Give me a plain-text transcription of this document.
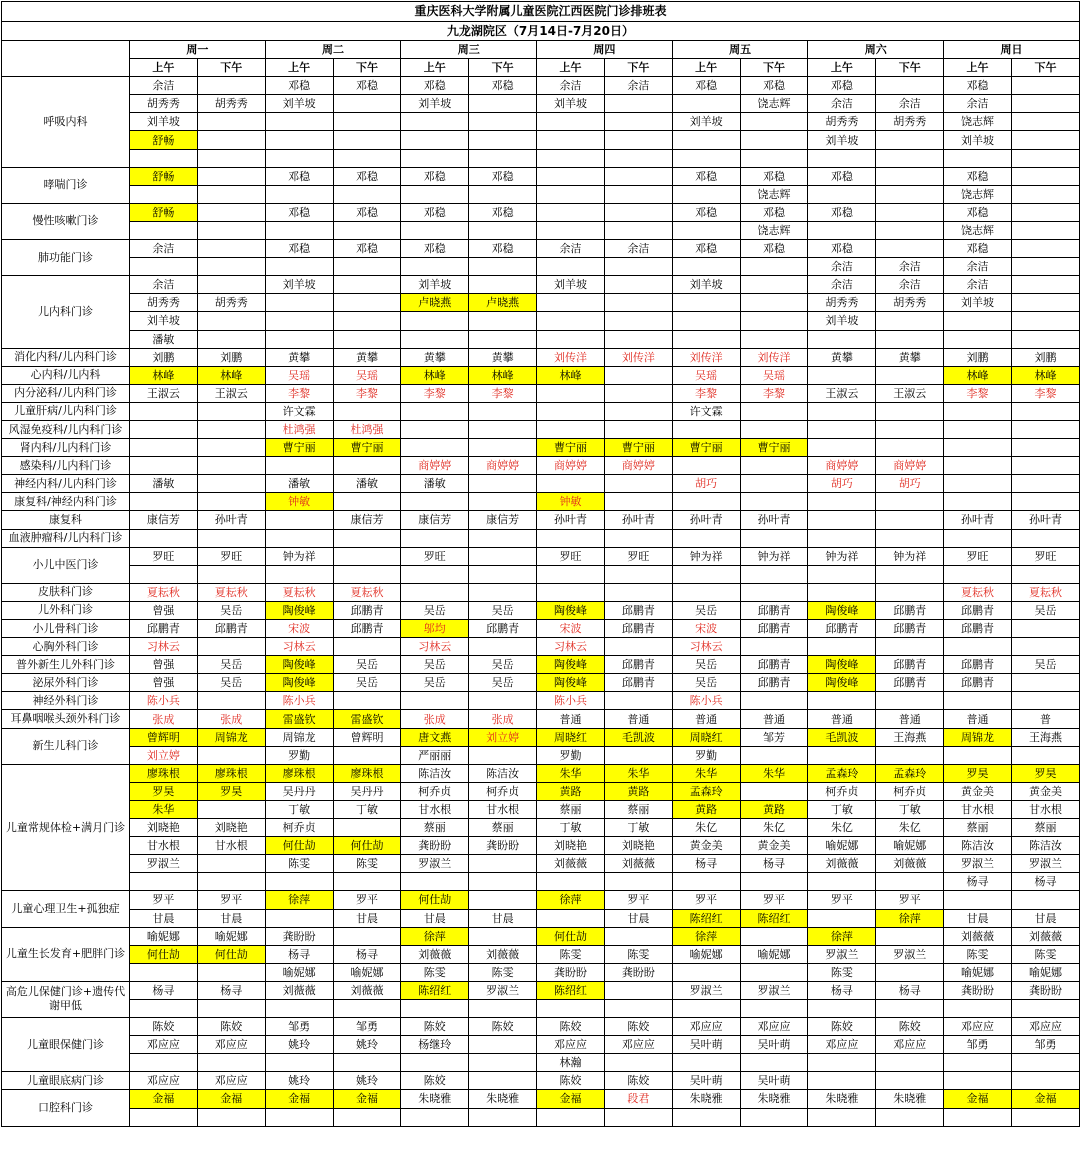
重庆医科大学附属儿童医院江西医院门诊排班表														
九龙湖院区（7月14日-7月20日）														
	周一		周二		周三		周四		周五		周六		周日	
	上午	下午	上午	下午	上午	下午	上午	下午	上午	下午	上午	下午	上午	下午
呼吸内科	余洁		邓稳	邓稳	邓稳	邓稳	余洁	余洁	邓稳	邓稳	邓稳		邓稳	
	胡秀秀	胡秀秀	刘羊坡		刘羊坡		刘羊坡			饶志辉	余洁	余洁	余洁	
	刘羊坡								刘羊坡		胡秀秀	胡秀秀	饶志辉	
	舒畅										刘羊坡		刘羊坡	

哮喘门诊	舒畅		邓稳	邓稳	邓稳	邓稳			邓稳	邓稳	邓稳		邓稳	
										饶志辉			饶志辉	
慢性咳嗽门诊	舒畅		邓稳	邓稳	邓稳	邓稳			邓稳	邓稳	邓稳		邓稳	
										饶志辉			饶志辉	
肺功能门诊	余洁		邓稳	邓稳	邓稳	邓稳	余洁	余洁	邓稳	邓稳	邓稳		邓稳	
											余洁	余洁	余洁	
儿内科门诊	余洁		刘羊坡		刘羊坡		刘羊坡		刘羊坡		余洁	余洁	余洁	
	胡秀秀	胡秀秀			卢晓燕	卢晓燕					胡秀秀	胡秀秀	刘羊坡	
	刘羊坡										刘羊坡			
	潘敏													
消化内科/儿内科门诊	刘鹏	刘鹏	黄攀	黄攀	黄攀	黄攀	刘传洋	刘传洋	刘传洋	刘传洋	黄攀	黄攀	刘鹏	刘鹏
心内科/儿内科	林峰	林峰	吴瑶	吴瑶	林峰	林峰	林峰		吴瑶	吴瑶			林峰	林峰
内分泌科/儿内科门诊	王淑云	王淑云	李黎	李黎	李黎	李黎			李黎	李黎	王淑云	王淑云	李黎	李黎
儿童肝病/儿内科门诊			许文霖						许文霖					
风湿免疫科/儿内科门诊			杜鸿强	杜鸿强										
肾内科/儿内科门诊			曹宁丽	曹宁丽			曹宁丽	曹宁丽	曹宁丽	曹宁丽				
感染科/儿内科门诊					商婷婷	商婷婷	商婷婷	商婷婷			商婷婷	商婷婷		
神经内科/儿内科门诊	潘敏		潘敏	潘敏	潘敏				胡巧		胡巧	胡巧		
康复科/神经内科门诊			钟敏				钟敏							
康复科	康信芳	孙叶青		康信芳	康信芳	康信芳	孙叶青	孙叶青	孙叶青	孙叶青			孙叶青	孙叶青
血液肿瘤科/儿内科门诊														
小儿中医门诊	罗旺	罗旺	钟为祥		罗旺		罗旺	罗旺	钟为祥	钟为祥	钟为祥	钟为祥	罗旺	罗旺

皮肤科门诊	夏耘秋	夏耘秋	夏耘秋	夏耘秋									夏耘秋	夏耘秋
儿外科门诊	曾强	吴岳	陶俊峰	邱鹏青	吴岳	吴岳	陶俊峰	邱鹏青	吴岳	邱鹏青	陶俊峰	邱鹏青	邱鹏青	吴岳
小儿骨科门诊	邱鹏青	邱鹏青	宋波	邱鹏青	邬均	邱鹏青	宋波	邱鹏青	宋波	邱鹏青	邱鹏青	邱鹏青	邱鹏青	
心胸外科门诊	习林云		习林云		习林云		习林云		习林云					
普外新生儿外科门诊	曾强	吴岳	陶俊峰	吴岳	吴岳	吴岳	陶俊峰	邱鹏青	吴岳	邱鹏青	陶俊峰	邱鹏青	邱鹏青	吴岳
泌尿外科门诊	曾强	吴岳	陶俊峰	吴岳	吴岳	吴岳	陶俊峰	邱鹏青	吴岳	邱鹏青	陶俊峰	邱鹏青	邱鹏青	
神经外科门诊	陈小兵		陈小兵				陈小兵		陈小兵					
耳鼻咽喉头颈外科门诊	张成	张成	雷盛钦	雷盛钦	张成	张成	普通	普通	普通	普通	普通	普通	普通	普
新生儿科门诊	曾辉明	周锦龙	周锦龙	曾辉明	唐文燕	刘立婷	周晓红	毛凯波	周晓红	邹芳	毛凯波	王海燕	周锦龙	王海燕
	刘立婷		罗勤		严丽丽		罗勤		罗勤					
儿童常规体检+满月门诊	廖珠根	廖珠根	廖珠根	廖珠根	陈洁汝	陈洁汝	朱华	朱华	朱华	朱华	孟森玲	孟森玲	罗昊	罗昊
	罗昊	罗昊	吴丹丹	吴丹丹	柯乔贞	柯乔贞	黄路	黄路	孟森玲		柯乔贞	柯乔贞	黄金美	黄金美
	朱华		丁敏	丁敏	甘水根	甘水根	蔡丽	蔡丽	黄路	黄路	丁敏	丁敏	甘水根	甘水根
	刘晓艳	刘晓艳	柯乔贞		蔡丽	蔡丽	丁敏	丁敏	朱亿	朱亿	朱亿	朱亿	蔡丽	蔡丽
	甘水根	甘水根	何仕劼	何仕劼	龚盼盼	龚盼盼	刘晓艳	刘晓艳	黄金美	黄金美	喻妮娜	喻妮娜	陈洁汝	陈洁汝
	罗淑兰		陈雯	陈雯	罗淑兰		刘薇薇	刘薇薇	杨寻	杨寻	刘薇薇	刘薇薇	罗淑兰	罗淑兰
													杨寻	杨寻
儿童心理卫生+孤独症	罗平	罗平	徐萍	罗平	何仕劼		徐萍	罗平	罗平	罗平	罗平	罗平		
	甘晨	甘晨		甘晨	甘晨	甘晨		甘晨	陈绍红	陈绍红		徐萍	甘晨	甘晨
儿童生长发育+肥胖门诊	喻妮娜	喻妮娜	龚盼盼		徐萍		何仕劼		徐萍		徐萍		刘薇薇	刘薇薇
	何仕劼	何仕劼	杨寻	杨寻	刘薇薇	刘薇薇	陈雯	陈雯	喻妮娜	喻妮娜	罗淑兰	罗淑兰	陈雯	陈雯
			喻妮娜	喻妮娜	陈雯	陈雯	龚盼盼	龚盼盼			陈雯		喻妮娜	喻妮娜
高危儿保健门诊+遗传代谢甲低	杨寻	杨寻	刘薇薇	刘薇薇	陈绍红	罗淑兰	陈绍红		罗淑兰	罗淑兰	杨寻	杨寻	龚盼盼	龚盼盼

儿童眼保健门诊	陈姣	陈姣	邹勇	邹勇	陈姣	陈姣	陈姣	陈姣	邓应应	邓应应	陈姣	陈姣	邓应应	邓应应
	邓应应	邓应应	姚玲	姚玲	杨继玲		邓应应	邓应应	吴叶萌	吴叶萌	邓应应	邓应应	邹勇	邹勇
							林瀚							
儿童眼底病门诊	邓应应	邓应应	姚玲	姚玲	陈姣		陈姣	陈姣	吴叶萌	吴叶萌				
口腔科门诊	金福	金福	金福	金福	朱晓雅	朱晓雅	金福	段君	朱晓雅	朱晓雅	朱晓雅	朱晓雅	金福	金福
